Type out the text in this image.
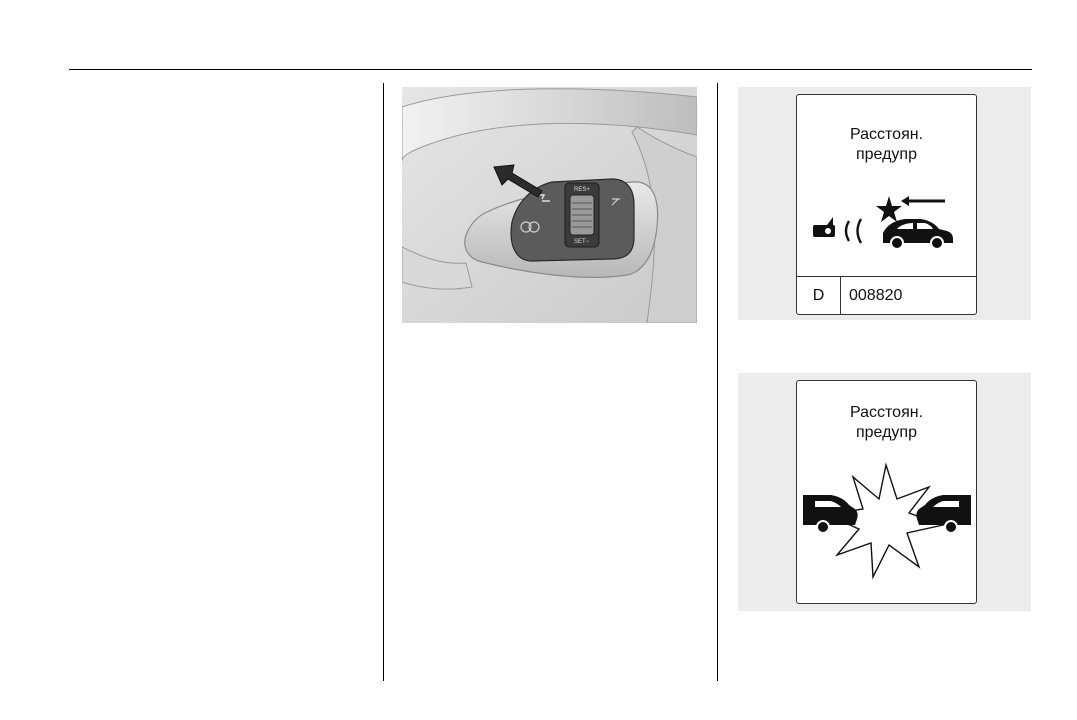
RES+
SET−
Расстоян.
предупр
D	008820
Расстоян.
предупр
